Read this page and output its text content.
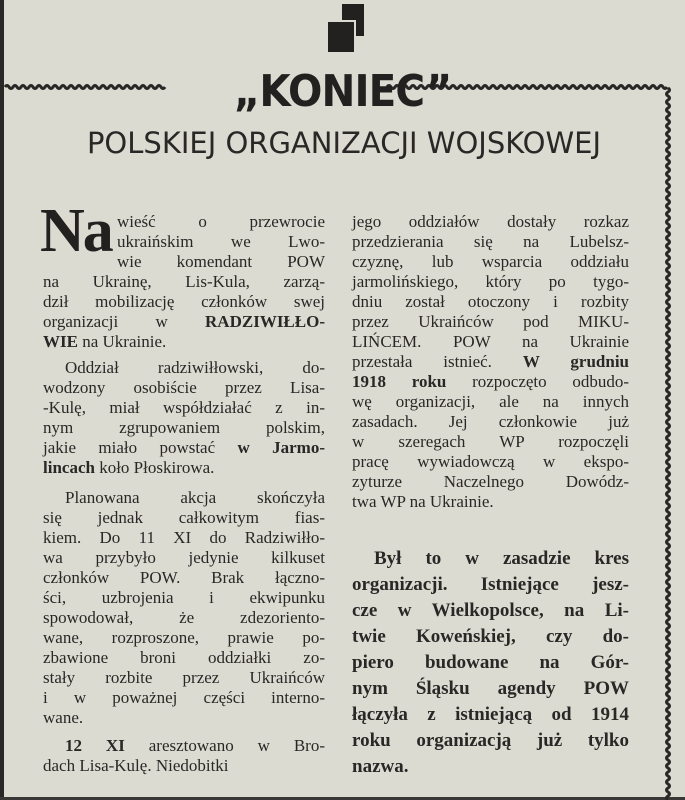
„KONIEC”
POLSKIEJ ORGANIZACJI WOJSKOWEJ
Na wieść o przewrocie
ukraińskim we Lwo-
wie komendant POW
na Ukrainę, Lis-Kula, zarzą-
dził mobilizację członków swej
organizacji w RADZIWIŁŁO-
WIE na Ukrainie.
Oddział radziwiłłowski, do-
wodzony osobiście przez Lisa-
-Kulę, miał współdziałać z in-
nym zgrupowaniem polskim,
jakie miało powstać w Jarmo-
lincach koło Płoskirowa.
Planowana akcja skończyła
się jednak całkowitym fias-
kiem. Do 11 XI do Radziwiłło-
wa przybyło jedynie kilkuset
członków POW. Brak łączno-
ści, uzbrojenia i ekwipunku
spowodował, że zdezoriento-
wane, rozproszone, prawie po-
zbawione broni oddziałki zo-
stały rozbite przez Ukraińców
i w poważnej części interno-
wane.
12 XI aresztowano w Bro-
dach Lisa-Kulę. Niedobitki
jego oddziałów dostały rozkaz
przedzierania się na Lubelsz-
czyznę, lub wsparcia oddziału
jarmolińskiego, który po tygo-
dniu został otoczony i rozbity
przez Ukraińców pod MIKU-
LIŃCEM. POW na Ukrainie
przestała istnieć. W grudniu
1918 roku rozpoczęto odbudo-
wę organizacji, ale na innych
zasadach. Jej członkowie już
w szeregach WP rozpoczęli
pracę wywiadowczą w ekspo-
zyturze Naczelnego Dowódz-
twa WP na Ukrainie.
Był to w zasadzie kres
organizacji. Istniejące jesz-
cze w Wielkopolsce, na Li-
twie Koweńskiej, czy do-
piero budowane na Gór-
nym Śląsku agendy POW
łączyła z istniejącą od 1914
roku organizacją już tylko
nazwa.
